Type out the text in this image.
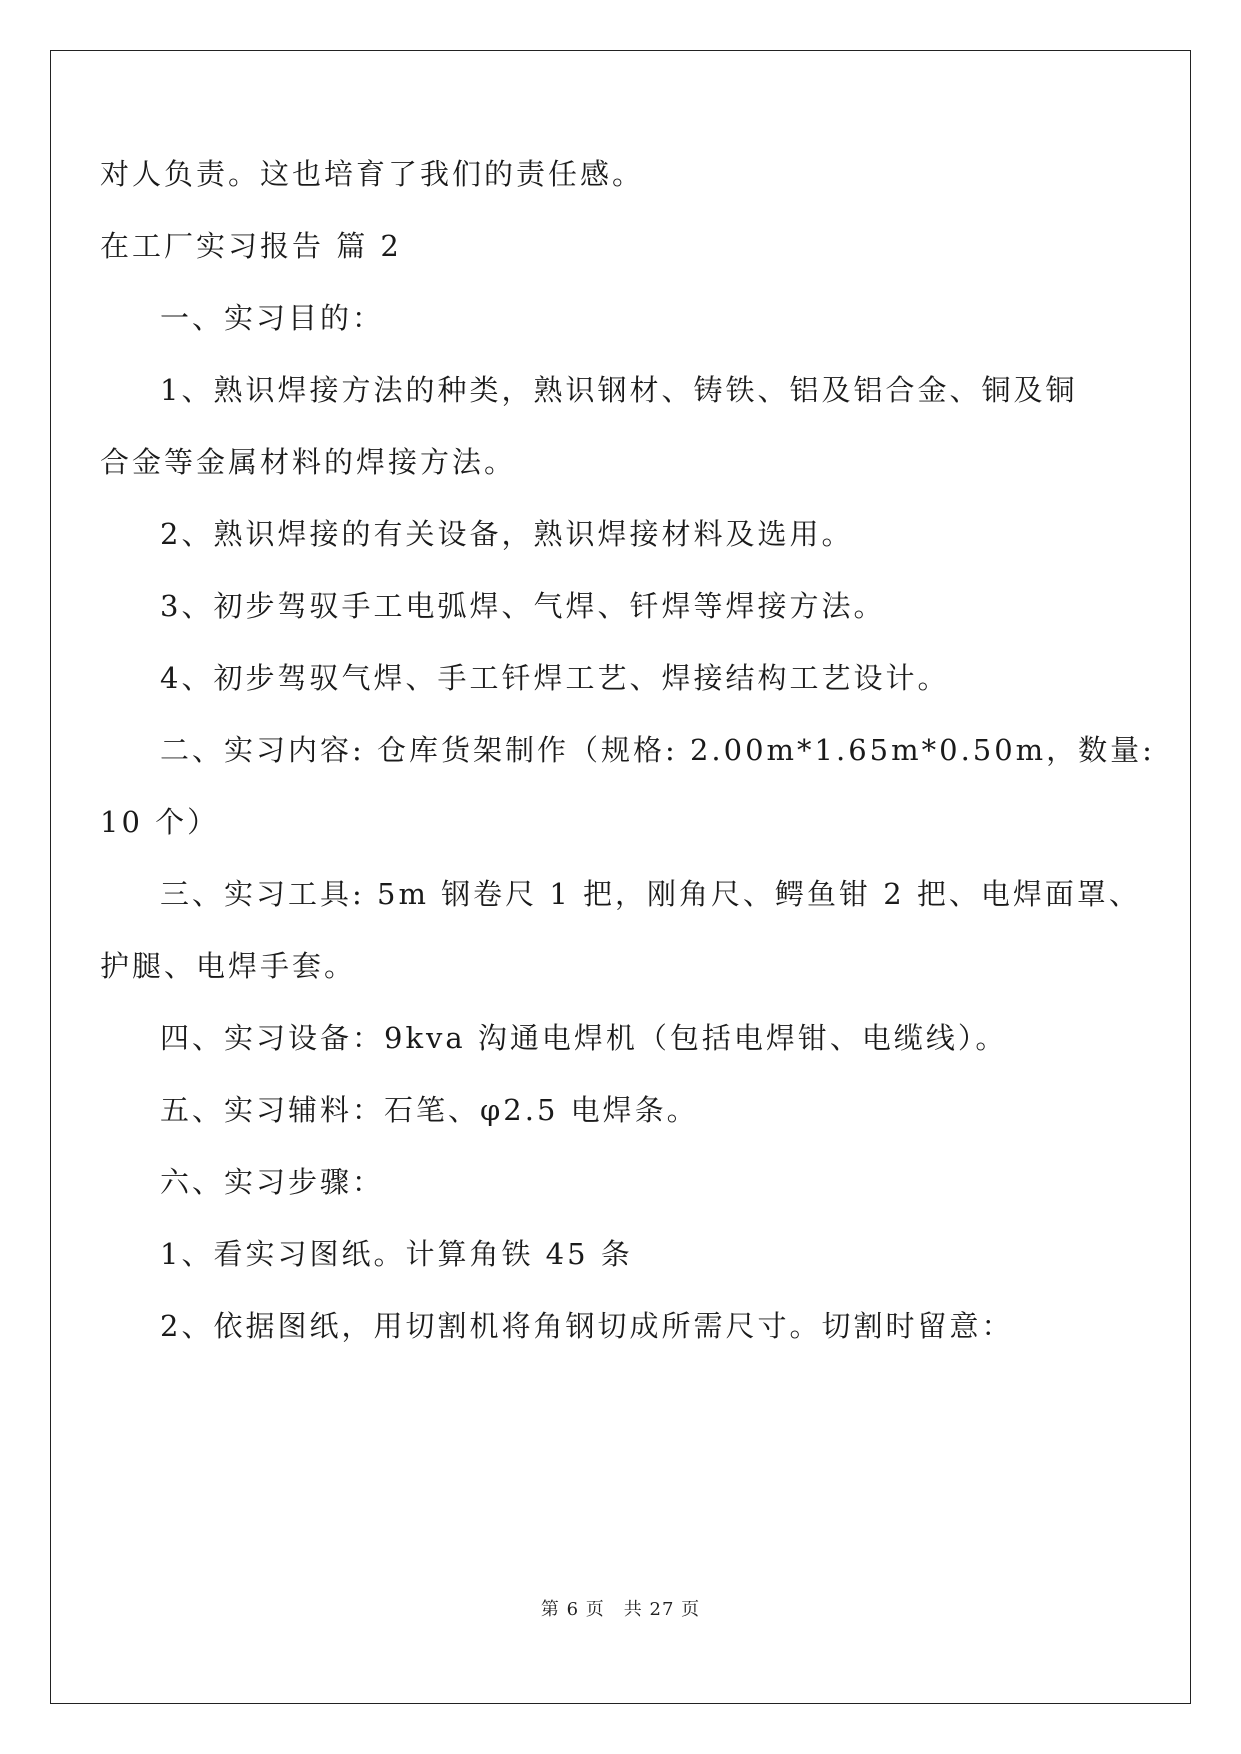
对人负责。这也培育了我们的责任感。
在工厂实习报告 篇 2
一、实习目的：
1、熟识焊接方法的种类，熟识钢材、铸铁、铝及铝合金、铜及铜
合金等金属材料的焊接方法。
2、熟识焊接的有关设备，熟识焊接材料及选用。
3、初步驾驭手工电弧焊、气焊、钎焊等焊接方法。
4、初步驾驭气焊、手工钎焊工艺、焊接结构工艺设计。
二、实习内容: 仓库货架制作（规格: 2.00m*1.65m*0.50m，数量:
10 个）
三、实习工具: 5m 钢卷尺 1 把，刚角尺、鳄鱼钳 2 把、电焊面罩、
护腿、电焊手套。
四、实习设备：9kva 沟通电焊机（包括电焊钳、电缆线）。
五、实习辅料：石笔、φ2.5 电焊条。
六、实习步骤：
1、看实习图纸。计算角铁 45 条
2、依据图纸，用切割机将角钢切成所需尺寸。切割时留意：
第 6 页　共 27 页
